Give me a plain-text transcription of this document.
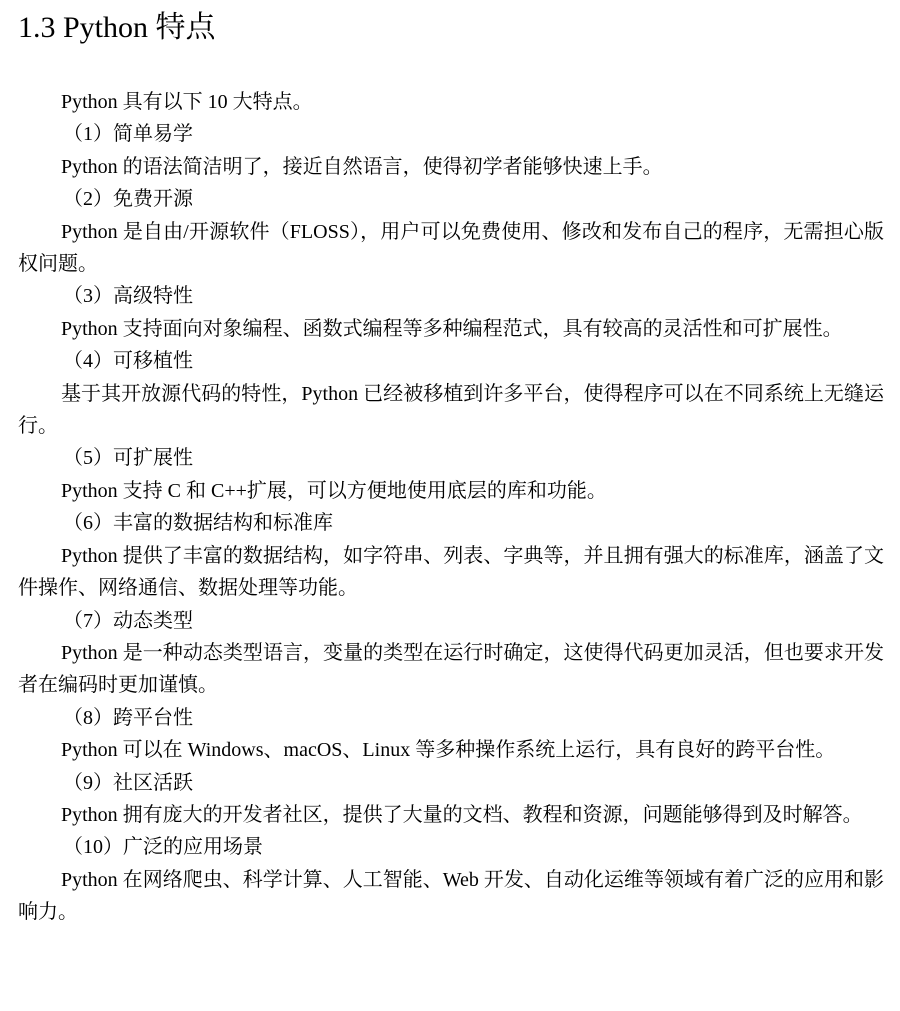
1.3 Python 特点

Python 具有以下 10 大特点。

（1）简单易学

Python 的语法简洁明了，接近自然语言，使得初学者能够快速上手。

（2）免费开源

Python 是自由/开源软件（FLOSS），用户可以免费使用、修改和发布自己的程序，无需担心版权问题。

（3）高级特性

Python 支持面向对象编程、函数式编程等多种编程范式，具有较高的灵活性和可扩展性。

（4）可移植性

基于其开放源代码的特性，Python 已经被移植到许多平台，使得程序可以在不同系统上无缝运行。

（5）可扩展性

Python 支持 C 和 C++扩展，可以方便地使用底层的库和功能。

（6）丰富的数据结构和标准库

Python 提供了丰富的数据结构，如字符串、列表、字典等，并且拥有强大的标准库，涵盖了文件操作、网络通信、数据处理等功能。

（7）动态类型

Python 是一种动态类型语言，变量的类型在运行时确定，这使得代码更加灵活，但也要求开发者在编码时更加谨慎。

（8）跨平台性

Python 可以在 Windows、macOS、Linux 等多种操作系统上运行，具有良好的跨平台性。

（9）社区活跃

Python 拥有庞大的开发者社区，提供了大量的文档、教程和资源，问题能够得到及时解答。

（10）广泛的应用场景

Python 在网络爬虫、科学计算、人工智能、Web 开发、自动化运维等领域有着广泛的应用和影响力。
